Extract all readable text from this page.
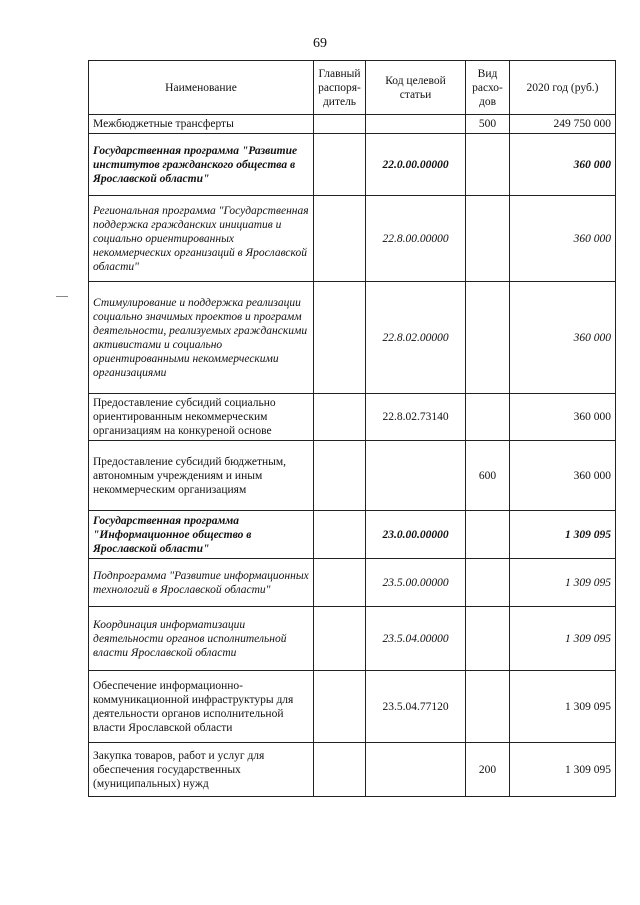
69
Наименование	Главный распоря-дитель	Код целевой статьи	Вид расхо-дов	2020 год (руб.)
Межбюджетные трансферты			500	249 750 000
Государственная программа "Развитие институтов гражданского общества в Ярославской области"		22.0.00.00000		360 000
Региональная программа "Государственная поддержка гражданских инициатив и социально ориентированных некоммерческих организаций в Ярославской области"		22.8.00.00000		360 000
Стимулирование и поддержка реализации социально значимых проектов и программ деятельности, реализуемых гражданскими активистами и социально ориентированными некоммерческими организациями		22.8.02.00000		360 000
Предоставление субсидий социально ориентированным некоммерческим организациям на конкуреной основе		22.8.02.73140		360 000
Предоставление субсидий бюджетным, автономным учреждениям и иным некоммерческим организациям			600	360 000
Государственная программа "Информационное общество в Ярославской области"		23.0.00.00000		1 309 095
Подпрограмма "Развитие информационных технологий в Ярославской области"		23.5.00.00000		1 309 095
Координация информатизации деятельности органов исполнительной власти Ярославской области		23.5.04.00000		1 309 095
Обеспечение информационно-коммуникационной инфраструктуры для деятельности органов исполнительной власти Ярославской области		23.5.04.77120		1 309 095
Закупка товаров, работ и услуг для обеспечения государственных (муниципальных) нужд			200	1 309 095
